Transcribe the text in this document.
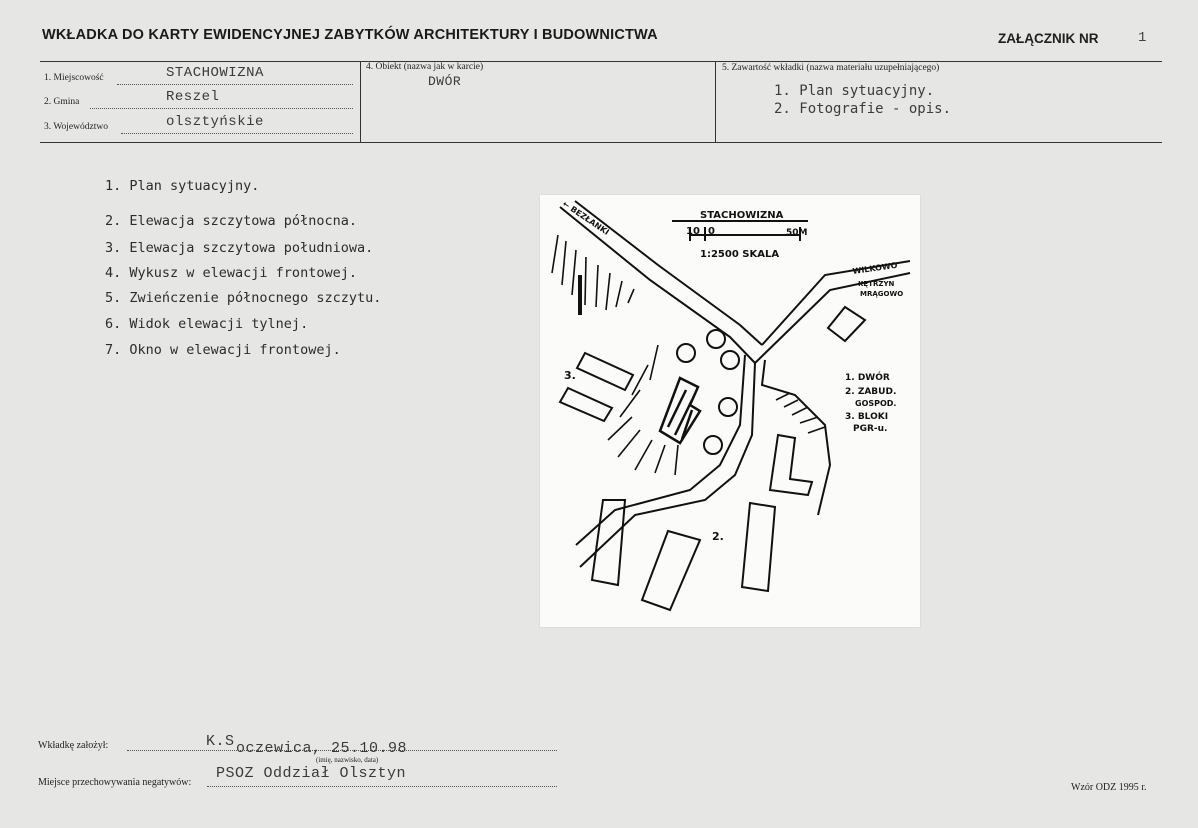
WKŁADKA DO KARTY EWIDENCYJNEJ ZABYTKÓW ARCHITEKTURY I BUDOWNICTWA	ZAŁĄCZNIK NR	1
1. Miejscowość	STACHOWIZNA
2. Gmina	Reszel
3. Województwo	olsztyńskie
4. Obiekt (nazwa jak w karcie)
DWÓR
5. Zawartość wkładki (nazwa materiału uzupełniającego)
1. Plan sytuacyjny.
2. Fotografie - opis.
1. Plan sytuacyjny.
2. Elewacja szczytowa północna.
3. Elewacja szczytowa południowa.
4. Wykusz w elewacji frontowej.
5. Zwieńczenie północnego szczytu.
6. Widok elewacji tylnej.
7. Okno w elewacji frontowej.
STACHOWIZNA
10 0	50M
1:2500 SKALA
← BEZŁANKI
WILKOWO
KĘTRZYN
MRĄGOWO
1. DWÓR
2. ZABUD.
GOSPOD.
3. BLOKI
PGR-u.
2.
3.
Wkładkę założył:	K.S oczewica, 25.10.98
(imię, nazwisko, data)
Miejsce przechowywania negatywów:
PSOZ Oddział Olsztyn
Wzór ODZ 1995 r.
